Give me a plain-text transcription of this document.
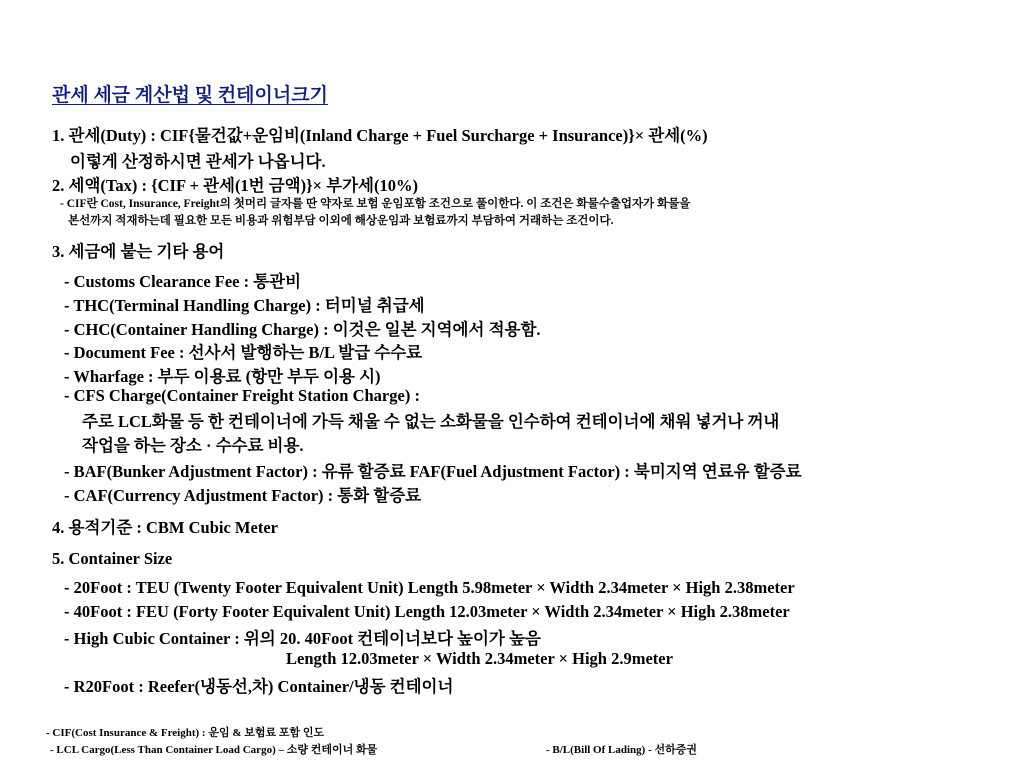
관세 세금 계산법 및 컨테이너크기
1. 관세(Duty) : CIF{물건값+운임비(Inland Charge + Fuel Surcharge + Insurance)}× 관세(%)
이렇게 산정하시면 관세가 나옵니다.
2. 세액(Tax) : {CIF + 관세(1번 금액)}× 부가세(10%)
- CIF란 Cost, Insurance, Freight의 첫머리 글자를 딴 약자로 보험 운임포함 조건으로 풀이한다. 이 조건은 화물수출업자가 화물을
본선까지 적재하는데 필요한 모든 비용과 위험부담 이외에 해상운임과 보험료까지 부담하여 거래하는 조건이다.
3. 세금에 붙는 기타 용어
- Customs Clearance Fee : 통관비
- THC(Terminal Handling Charge) : 터미널 취급세
- CHC(Container Handling Charge) : 이것은 일본 지역에서 적용함.
- Document Fee : 선사서 발행하는 B/L 발급 수수료
- Wharfage : 부두 이용료 (항만 부두 이용 시)
- CFS Charge(Container Freight Station Charge) :
주로 LCL화물 등 한 컨테이너에 가득 채울 수 없는 소화물을 인수하여 컨테이너에 채워 넣거나 꺼내
작업을 하는 장소 · 수수료 비용.
- BAF(Bunker Adjustment Factor) : 유류 할증료 FAF(Fuel Adjustment Factor) : 북미지역 연료유 할증료
- CAF(Currency Adjustment Factor) : 통화 할증료
4. 용적기준 : CBM Cubic Meter
5. Container Size
- 20Foot : TEU (Twenty Footer Equivalent Unit) Length 5.98meter × Width 2.34meter × High 2.38meter
- 40Foot : FEU (Forty Footer Equivalent Unit) Length 12.03meter × Width 2.34meter × High 2.38meter
- High Cubic Container : 위의 20. 40Foot 컨테이너보다 높이가 높음
Length 12.03meter × Width 2.34meter × High 2.9meter
- R20Foot : Reefer(냉동선,차) Container/냉동 컨테이너
- CIF(Cost Insurance & Freight) : 운임 & 보험료 포함 인도
- LCL Cargo(Less Than Container Load Cargo) – 소량 컨테이너 화물	- B/L(Bill Of Lading) - 선하증권
